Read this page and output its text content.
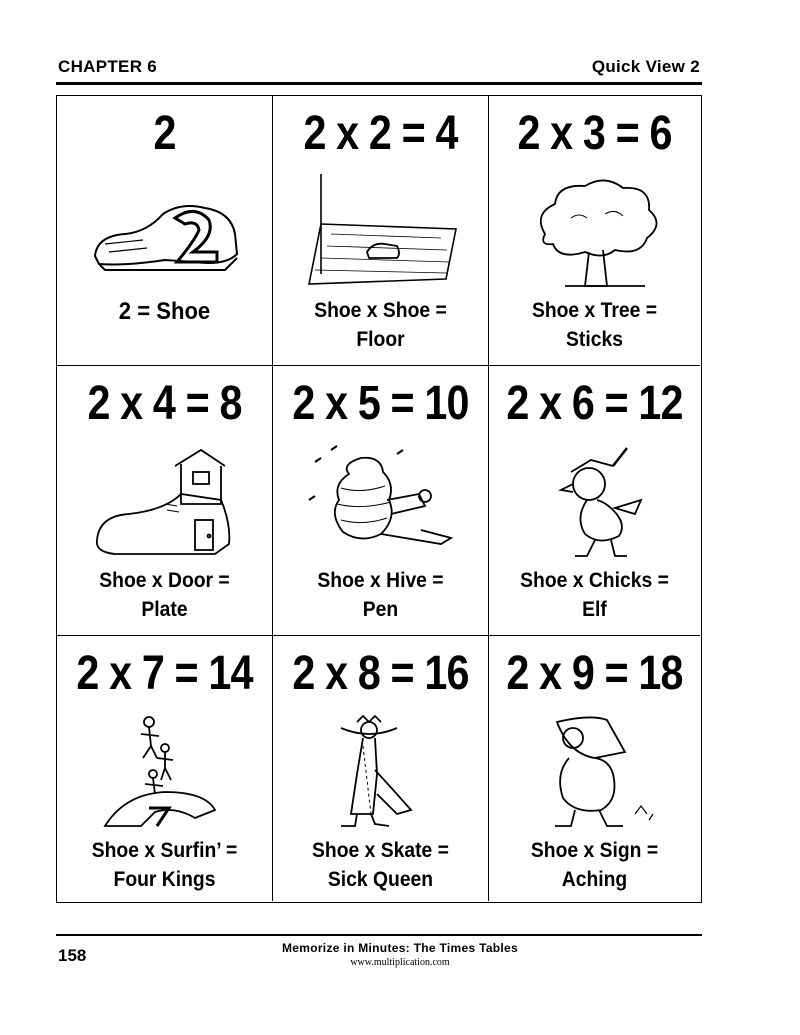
CHAPTER 6	Quick View 2
2
2 = Shoe
2 x 2 = 4
Shoe x Shoe =
Floor
2 x 3 = 6
Shoe x Tree =
Sticks
2 x 4 = 8
Shoe x Door =
Plate
2 x 5 = 10
Shoe x Hive =
Pen
2 x 6 = 12
Shoe x Chicks =
Elf
2 x 7 = 14
Shoe x Surfin’ =
Four Kings
2 x 8 = 16
Shoe x Skate =
Sick Queen
2 x 9 = 18
Shoe x Sign =
Aching
158	Memorize in Minutes: The Times Tables
www.multiplication.com
